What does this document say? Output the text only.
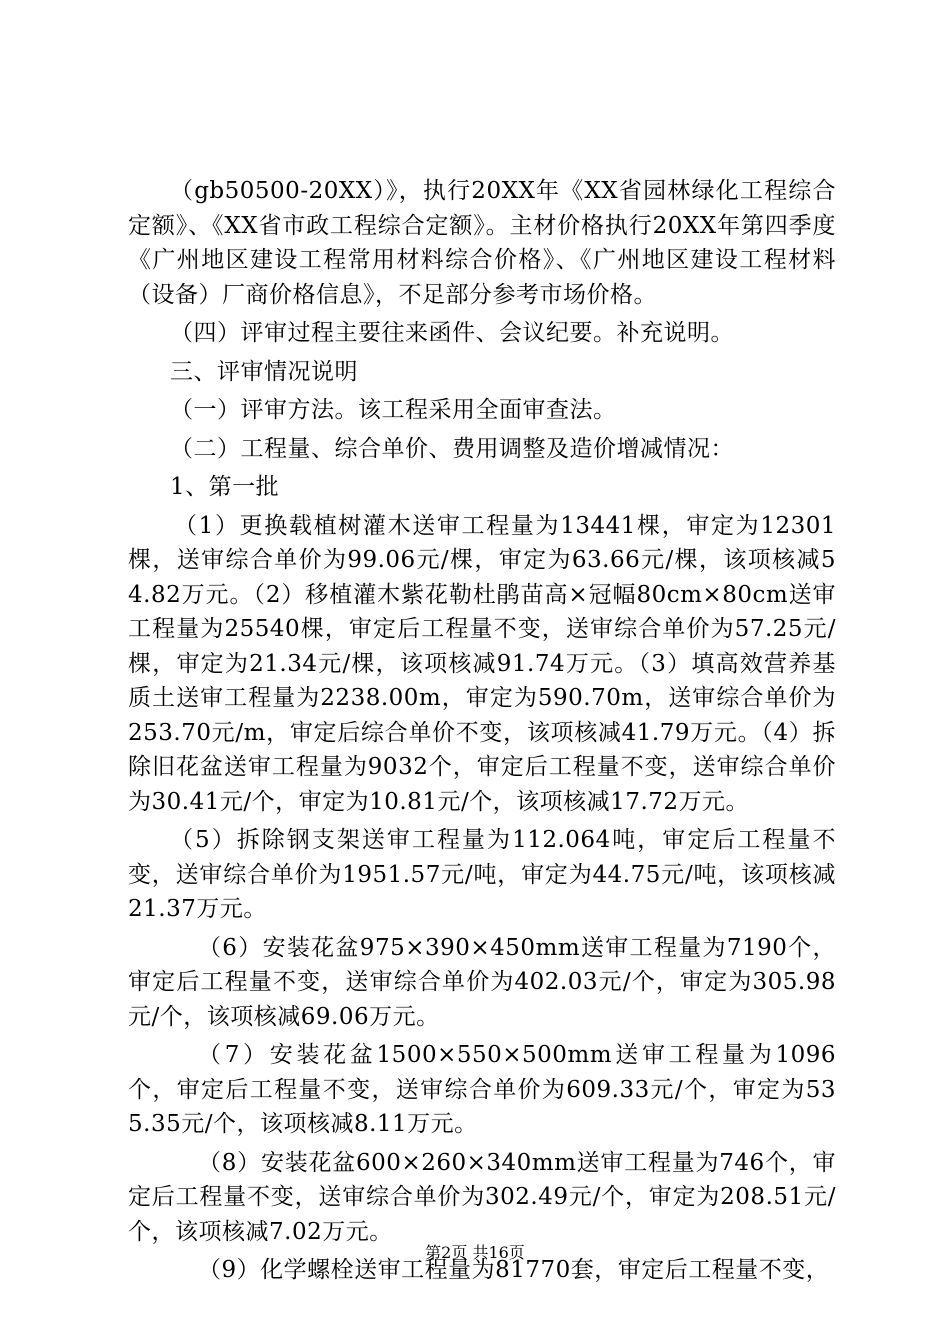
（gb50500-20XX）》，执行20XX年《XX省园林绿化工程综合定额》、《XX省市政工程综合定额》。主材价格执行20XX年第四季度《广州地区建设工程常用材料综合价格》、《广州地区建设工程材料（设备）厂商价格信息》，不足部分参考市场价格。

（四）评审过程主要往来函件、会议纪要。补充说明。

三、评审情况说明

（一）评审方法。该工程采用全面审查法。

（二）工程量、综合单价、费用调整及造价增减情况：

1、第一批

（1）更换载植树灌木送审工程量为13441棵，审定为12301棵，送审综合单价为99.06元/棵，审定为63.66元/棵，该项核减54.82万元。（2）移植灌木紫花勒杜鹃苗高×冠幅80cm×80cm送审工程量为25540棵，审定后工程量不变，送审综合单价为57.25元/棵，审定为21.34元/棵，该项核减91.74万元。（3）填高效营养基质土送审工程量为2238.00m，审定为590.70m，送审综合单价为253.70元/m，审定后综合单价不变，该项核减41.79万元。（4）拆除旧花盆送审工程量为9032个，审定后工程量不变，送审综合单价为30.41元/个，审定为10.81元/个，该项核减17.72万元。

（5）拆除钢支架送审工程量为112.064吨，审定后工程量不变，送审综合单价为1951.57元/吨，审定为44.75元/吨，该项核减21.37万元。

（6）安装花盆975×390×450mm送审工程量为7190个，审定后工程量不变，送审综合单价为402.03元/个，审定为305.98元/个，该项核减69.06万元。

（7）安装花盆1500×550×500mm送审工程量为1096个，审定后工程量不变，送审综合单价为609.33元/个，审定为535.35元/个，该项核减8.11万元。

（8）安装花盆600×260×340mm送审工程量为746个，审定后工程量不变，送审综合单价为302.49元/个，审定为208.51元/个，该项核减7.02万元。

（9）化学螺栓送审工程量为81770套，审定后工程量不变，

第2页 共16页
